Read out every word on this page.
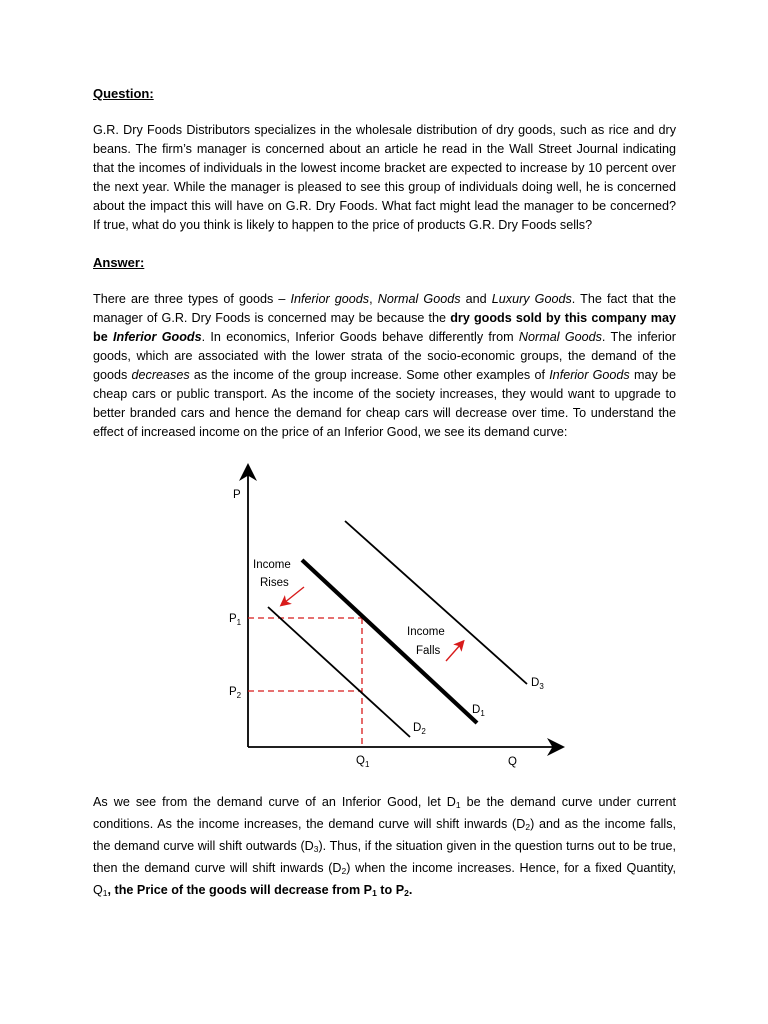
Question:
G.R. Dry Foods Distributors specializes in the wholesale distribution of dry goods, such as rice and dry beans. The firm’s manager is concerned about an article he read in the Wall Street Journal indicating that the incomes of individuals in the lowest income bracket are expected to increase by 10 percent over the next year. While the manager is pleased to see this group of individuals doing well, he is concerned about the impact this will have on G.R. Dry Foods. What fact might lead the manager to be concerned? If true, what do you think is likely to happen to the price of products G.R. Dry Foods sells?
Answer:
There are three types of goods – Inferior goods, Normal Goods and Luxury Goods. The fact that the manager of G.R. Dry Foods is concerned may be because the dry goods sold by this company may be Inferior Goods. In economics, Inferior Goods behave differently from Normal Goods. The inferior goods, which are associated with the lower strata of the socio-economic groups, the demand of the goods decreases as the income of the group increase. Some other examples of Inferior Goods may be cheap cars or public transport. As the income of the society increases, they would want to upgrade to better branded cars and hence the demand for cheap cars will decrease over time. To understand the effect of increased income on the price of an Inferior Good, we see its demand curve:
P
Q
$P_1$
$P_2$
$Q_1$
$D_1$
$D_2$
$D_3$
Income
Rises
Income
Falls
As we see from the demand curve of an Inferior Good, let $D_1$ be the demand curve under current conditions. As the income increases, the demand curve will shift inwards $(D_2)$ and as the income falls, the demand curve will shift outwards $(D_3)$. Thus, if the situation given in the question turns out to be true, then the demand curve will shift inwards $(D_2)$ when the income increases. Hence, for a fixed Quantity, $Q_1$, the Price of the goods will decrease from $P_1$ to $P_2$.
